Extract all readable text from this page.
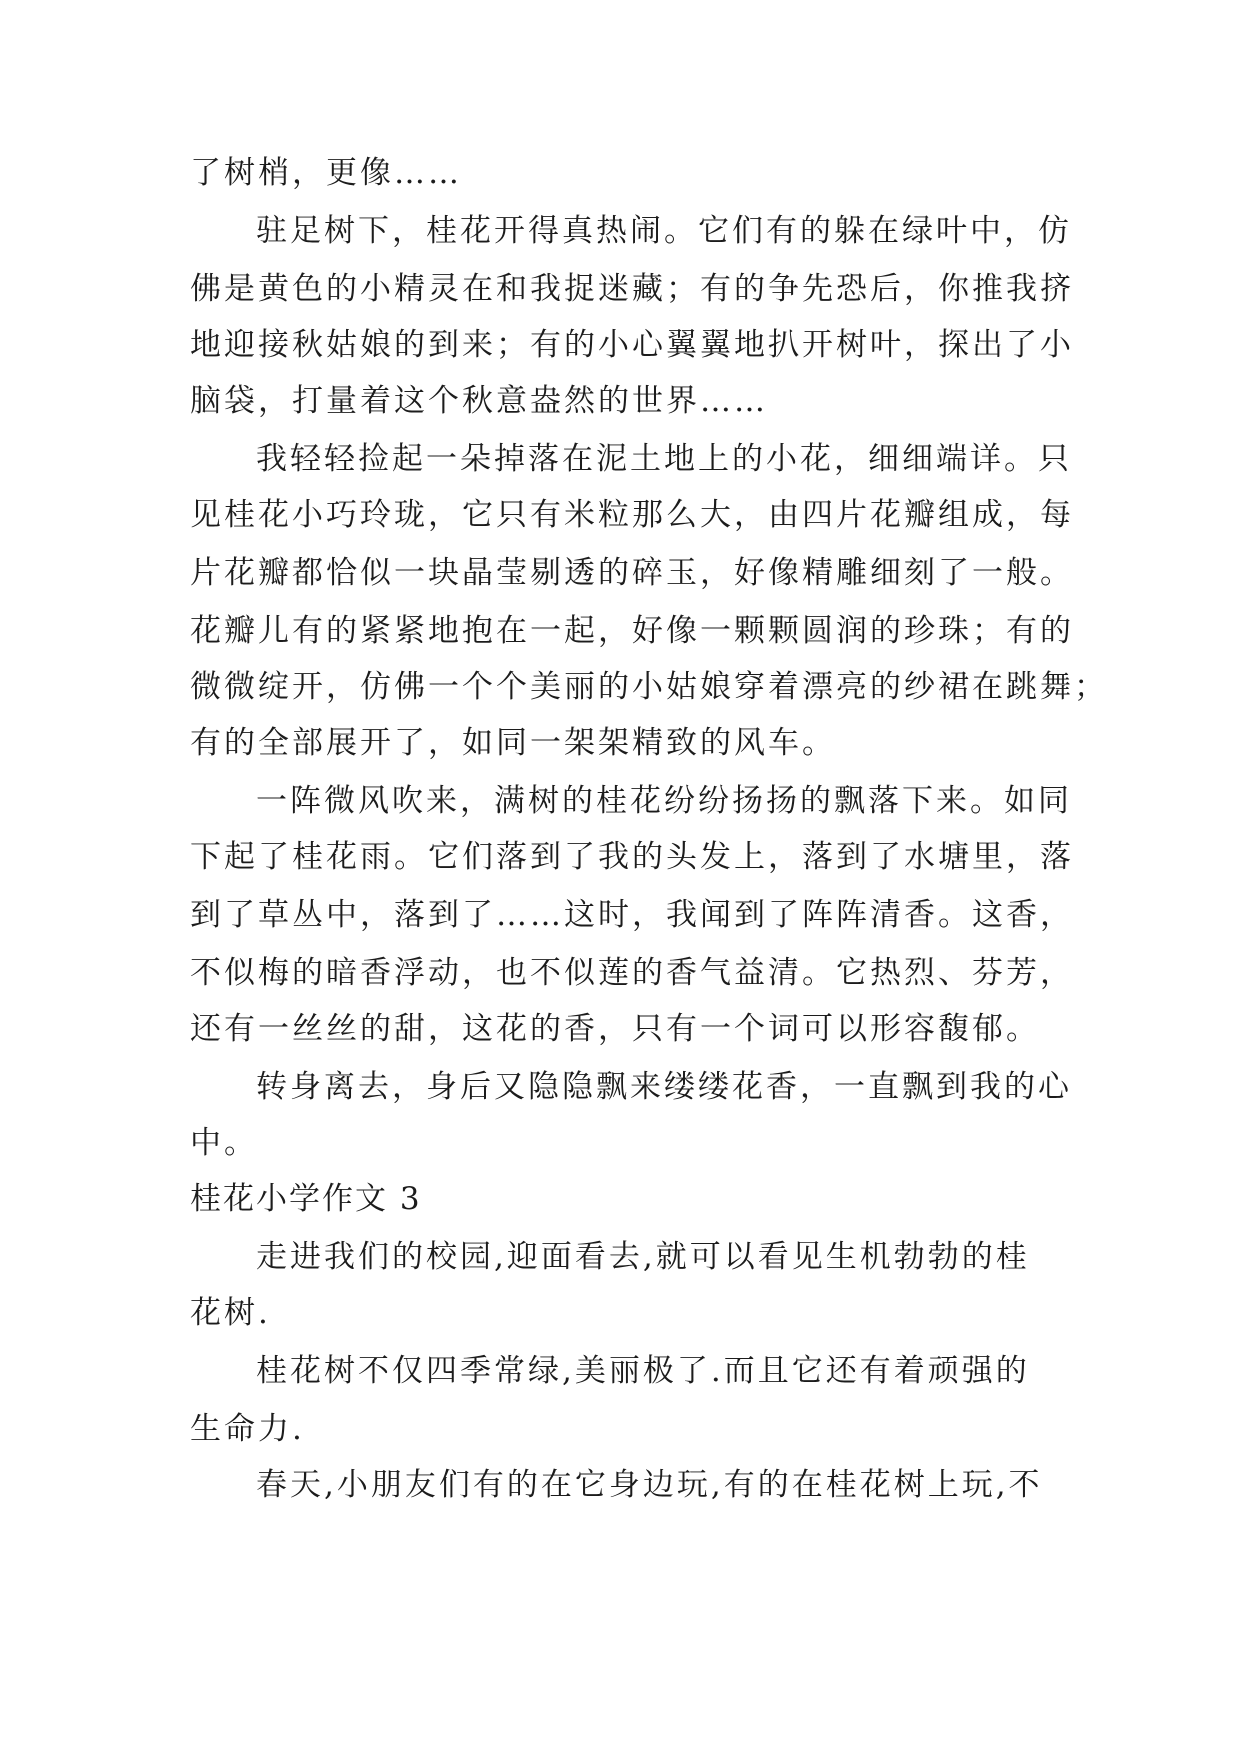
了树梢，更像……
驻足树下，桂花开得真热闹。它们有的躲在绿叶中，仿
佛是黄色的小精灵在和我捉迷藏；有的争先恐后，你推我挤
地迎接秋姑娘的到来；有的小心翼翼地扒开树叶，探出了小
脑袋，打量着这个秋意盎然的世界……
我轻轻捡起一朵掉落在泥土地上的小花，细细端详。只
见桂花小巧玲珑，它只有米粒那么大，由四片花瓣组成，每
片花瓣都恰似一块晶莹剔透的碎玉，好像精雕细刻了一般。
花瓣儿有的紧紧地抱在一起，好像一颗颗圆润的珍珠；有的
微微绽开，仿佛一个个美丽的小姑娘穿着漂亮的纱裙在跳舞；
有的全部展开了，如同一架架精致的风车。
一阵微风吹来，满树的桂花纷纷扬扬的飘落下来。如同
下起了桂花雨。它们落到了我的头发上，落到了水塘里，落
到了草丛中，落到了……这时，我闻到了阵阵清香。这香，
不似梅的暗香浮动，也不似莲的香气益清。它热烈、芬芳，
还有一丝丝的甜，这花的香，只有一个词可以形容馥郁。
转身离去，身后又隐隐飘来缕缕花香，一直飘到我的心
中。
桂花小学作文 3
走进我们的校园,迎面看去,就可以看见生机勃勃的桂
花树.
桂花树不仅四季常绿,美丽极了.而且它还有着顽强的
生命力.
春天,小朋友们有的在它身边玩,有的在桂花树上玩,不
